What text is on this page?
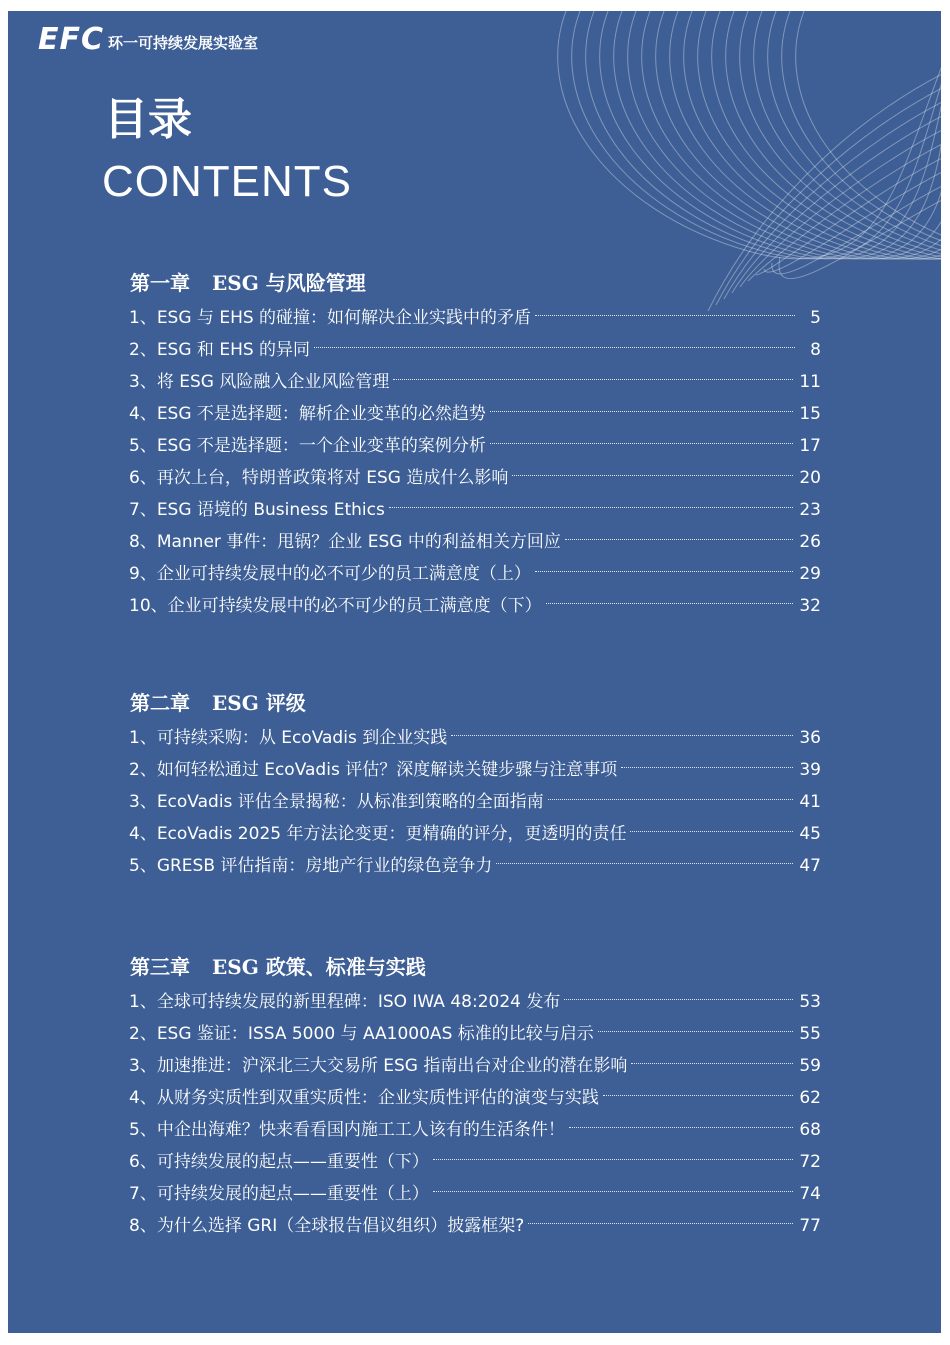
EFC 环一可持续发展实验室
目录
CONTENTS
第一章 ESG 与风险管理
1、ESG 与 EHS 的碰撞：如何解决企业实践中的矛盾	5
2、ESG 和 EHS 的异同	8
3、将 ESG 风险融入企业风险管理	11
4、ESG 不是选择题：解析企业变革的必然趋势	15
5、ESG 不是选择题：一个企业变革的案例分析	17
6、再次上台，特朗普政策将对 ESG 造成什么影响	20
7、ESG 语境的 Business Ethics	23
8、Manner 事件：甩锅？企业 ESG 中的利益相关方回应	26
9、企业可持续发展中的必不可少的员工满意度（上）	29
10、企业可持续发展中的必不可少的员工满意度（下）	32
第二章 ESG 评级
1、可持续采购：从 EcoVadis 到企业实践	36
2、如何轻松通过 EcoVadis 评估？深度解读关键步骤与注意事项	39
3、EcoVadis 评估全景揭秘：从标准到策略的全面指南	41
4、EcoVadis 2025 年方法论变更：更精确的评分，更透明的责任	45
5、GRESB 评估指南：房地产行业的绿色竞争力	47
第三章 ESG 政策、标准与实践
1、全球可持续发展的新里程碑：ISO IWA 48:2024 发布	53
2、ESG 鉴证：ISSA 5000 与 AA1000AS 标准的比较与启示	55
3、加速推进：沪深北三大交易所 ESG 指南出台对企业的潜在影响	59
4、从财务实质性到双重实质性：企业实质性评估的演变与实践	62
5、中企出海难？快来看看国内施工工人该有的生活条件！	68
6、可持续发展的起点——重要性（下）	72
7、可持续发展的起点——重要性（上）	74
8、为什么选择 GRI（全球报告倡议组织）披露框架?	77
